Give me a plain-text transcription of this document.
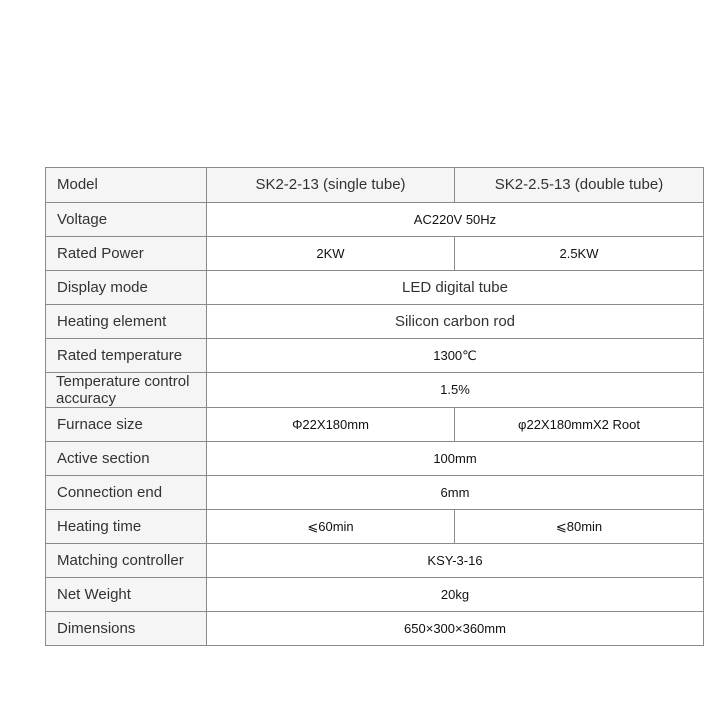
Model	SK2-2-13 (single tube)	SK2-2.5-13 (double tube)
Voltage	AC220V 50Hz	
Rated Power	2KW	2.5KW
Display mode	LED digital tube	
Heating element	Silicon carbon rod	
Rated temperature	1300℃	
Temperature control accuracy	1.5%	
Furnace size	Φ22X180mm	φ22X180mmX2 Root
Active section	100mm	
Connection end	6mm	
Heating time	⩽60min	⩽80min
Matching controller	KSY-3-16	
Net Weight	20kg	
Dimensions	650×300×360mm	
